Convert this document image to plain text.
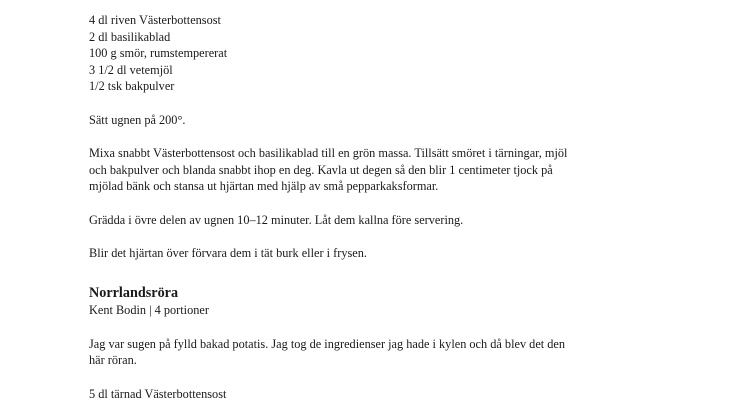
4 dl riven Västerbottensost
2 dl basilikablad
100 g smör, rumstempererat
3 1/2 dl vetemjöl
1/2 tsk bakpulver
Sätt ugnen på 200°.
Mixa snabbt Västerbottensost och basilikablad till en grön massa. Tillsätt smöret i tärningar, mjöl
och bakpulver och blanda snabbt ihop en deg. Kavla ut degen så den blir 1 centimeter tjock på
mjölad bänk och stansa ut hjärtan med hjälp av små pepparkaksformar.
Grädda i övre delen av ugnen 10–12 minuter. Låt dem kallna före servering.
Blir det hjärtan över förvara dem i tät burk eller i frysen.
Norrlandsröra
Kent Bodin | 4 portioner
Jag var sugen på fylld bakad potatis. Jag tog de ingredienser jag hade i kylen och då blev det den
här röran.
5 dl tärnad Västerbottensost
